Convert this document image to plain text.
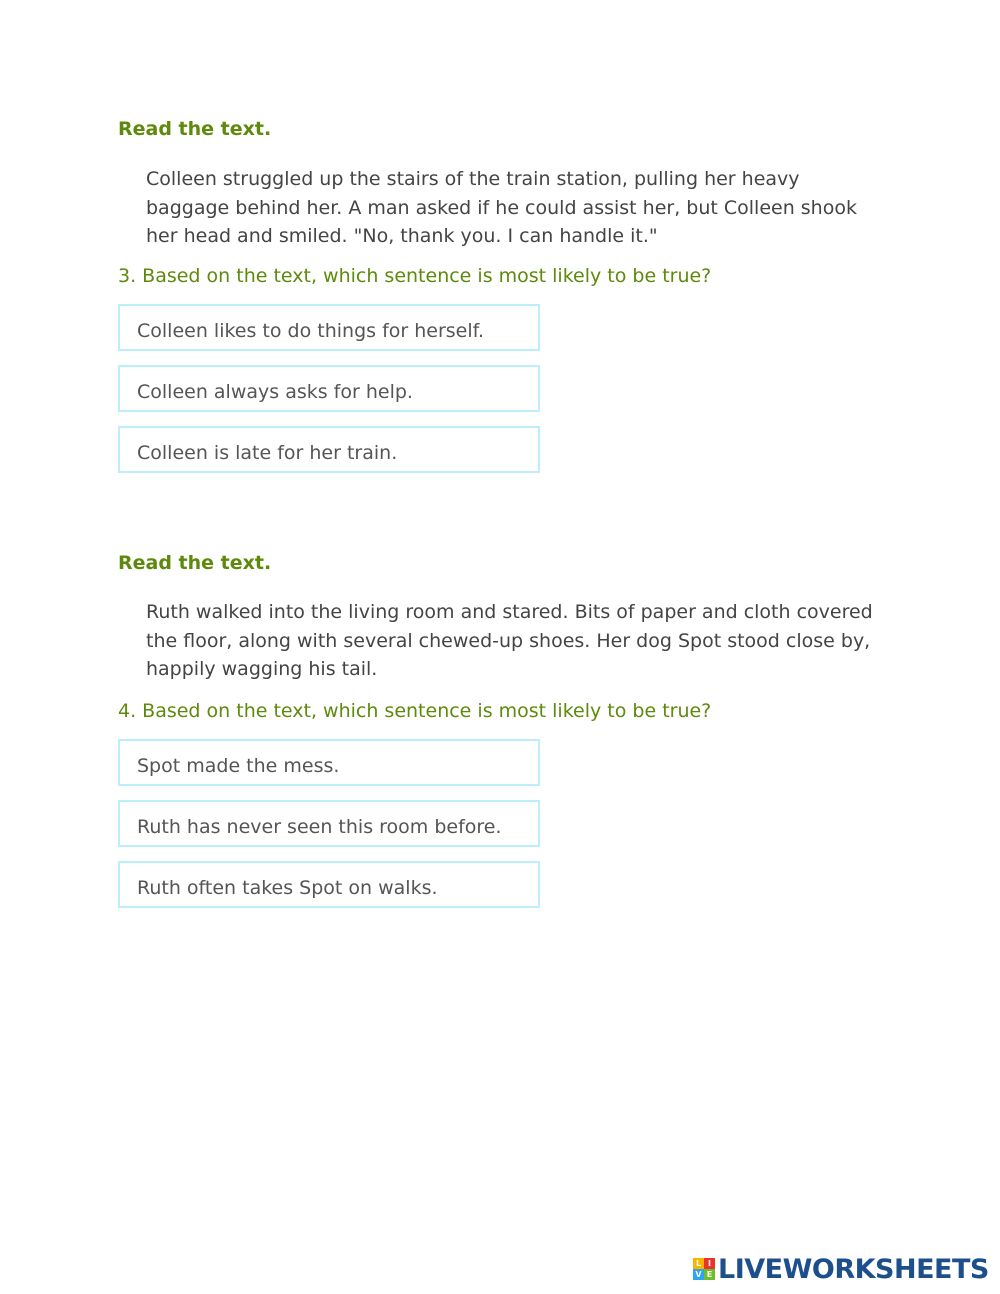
Read the text.

Colleen struggled up the stairs of the train station, pulling her heavy baggage behind her. A man asked if he could assist her, but Colleen shook her head and smiled. "No, thank you. I can handle it."

3. Based on the text, which sentence is most likely to be true?

Colleen likes to do things for herself.
Colleen always asks for help.
Colleen is late for her train.

Read the text.

Ruth walked into the living room and stared. Bits of paper and cloth covered the floor, along with several chewed-up shoes. Her dog Spot stood close by, happily wagging his tail.

4. Based on the text, which sentence is most likely to be true?

Spot made the mess.
Ruth has never seen this room before.
Ruth often takes Spot on walks.
L I
V E LIVEWORKSHEETS
